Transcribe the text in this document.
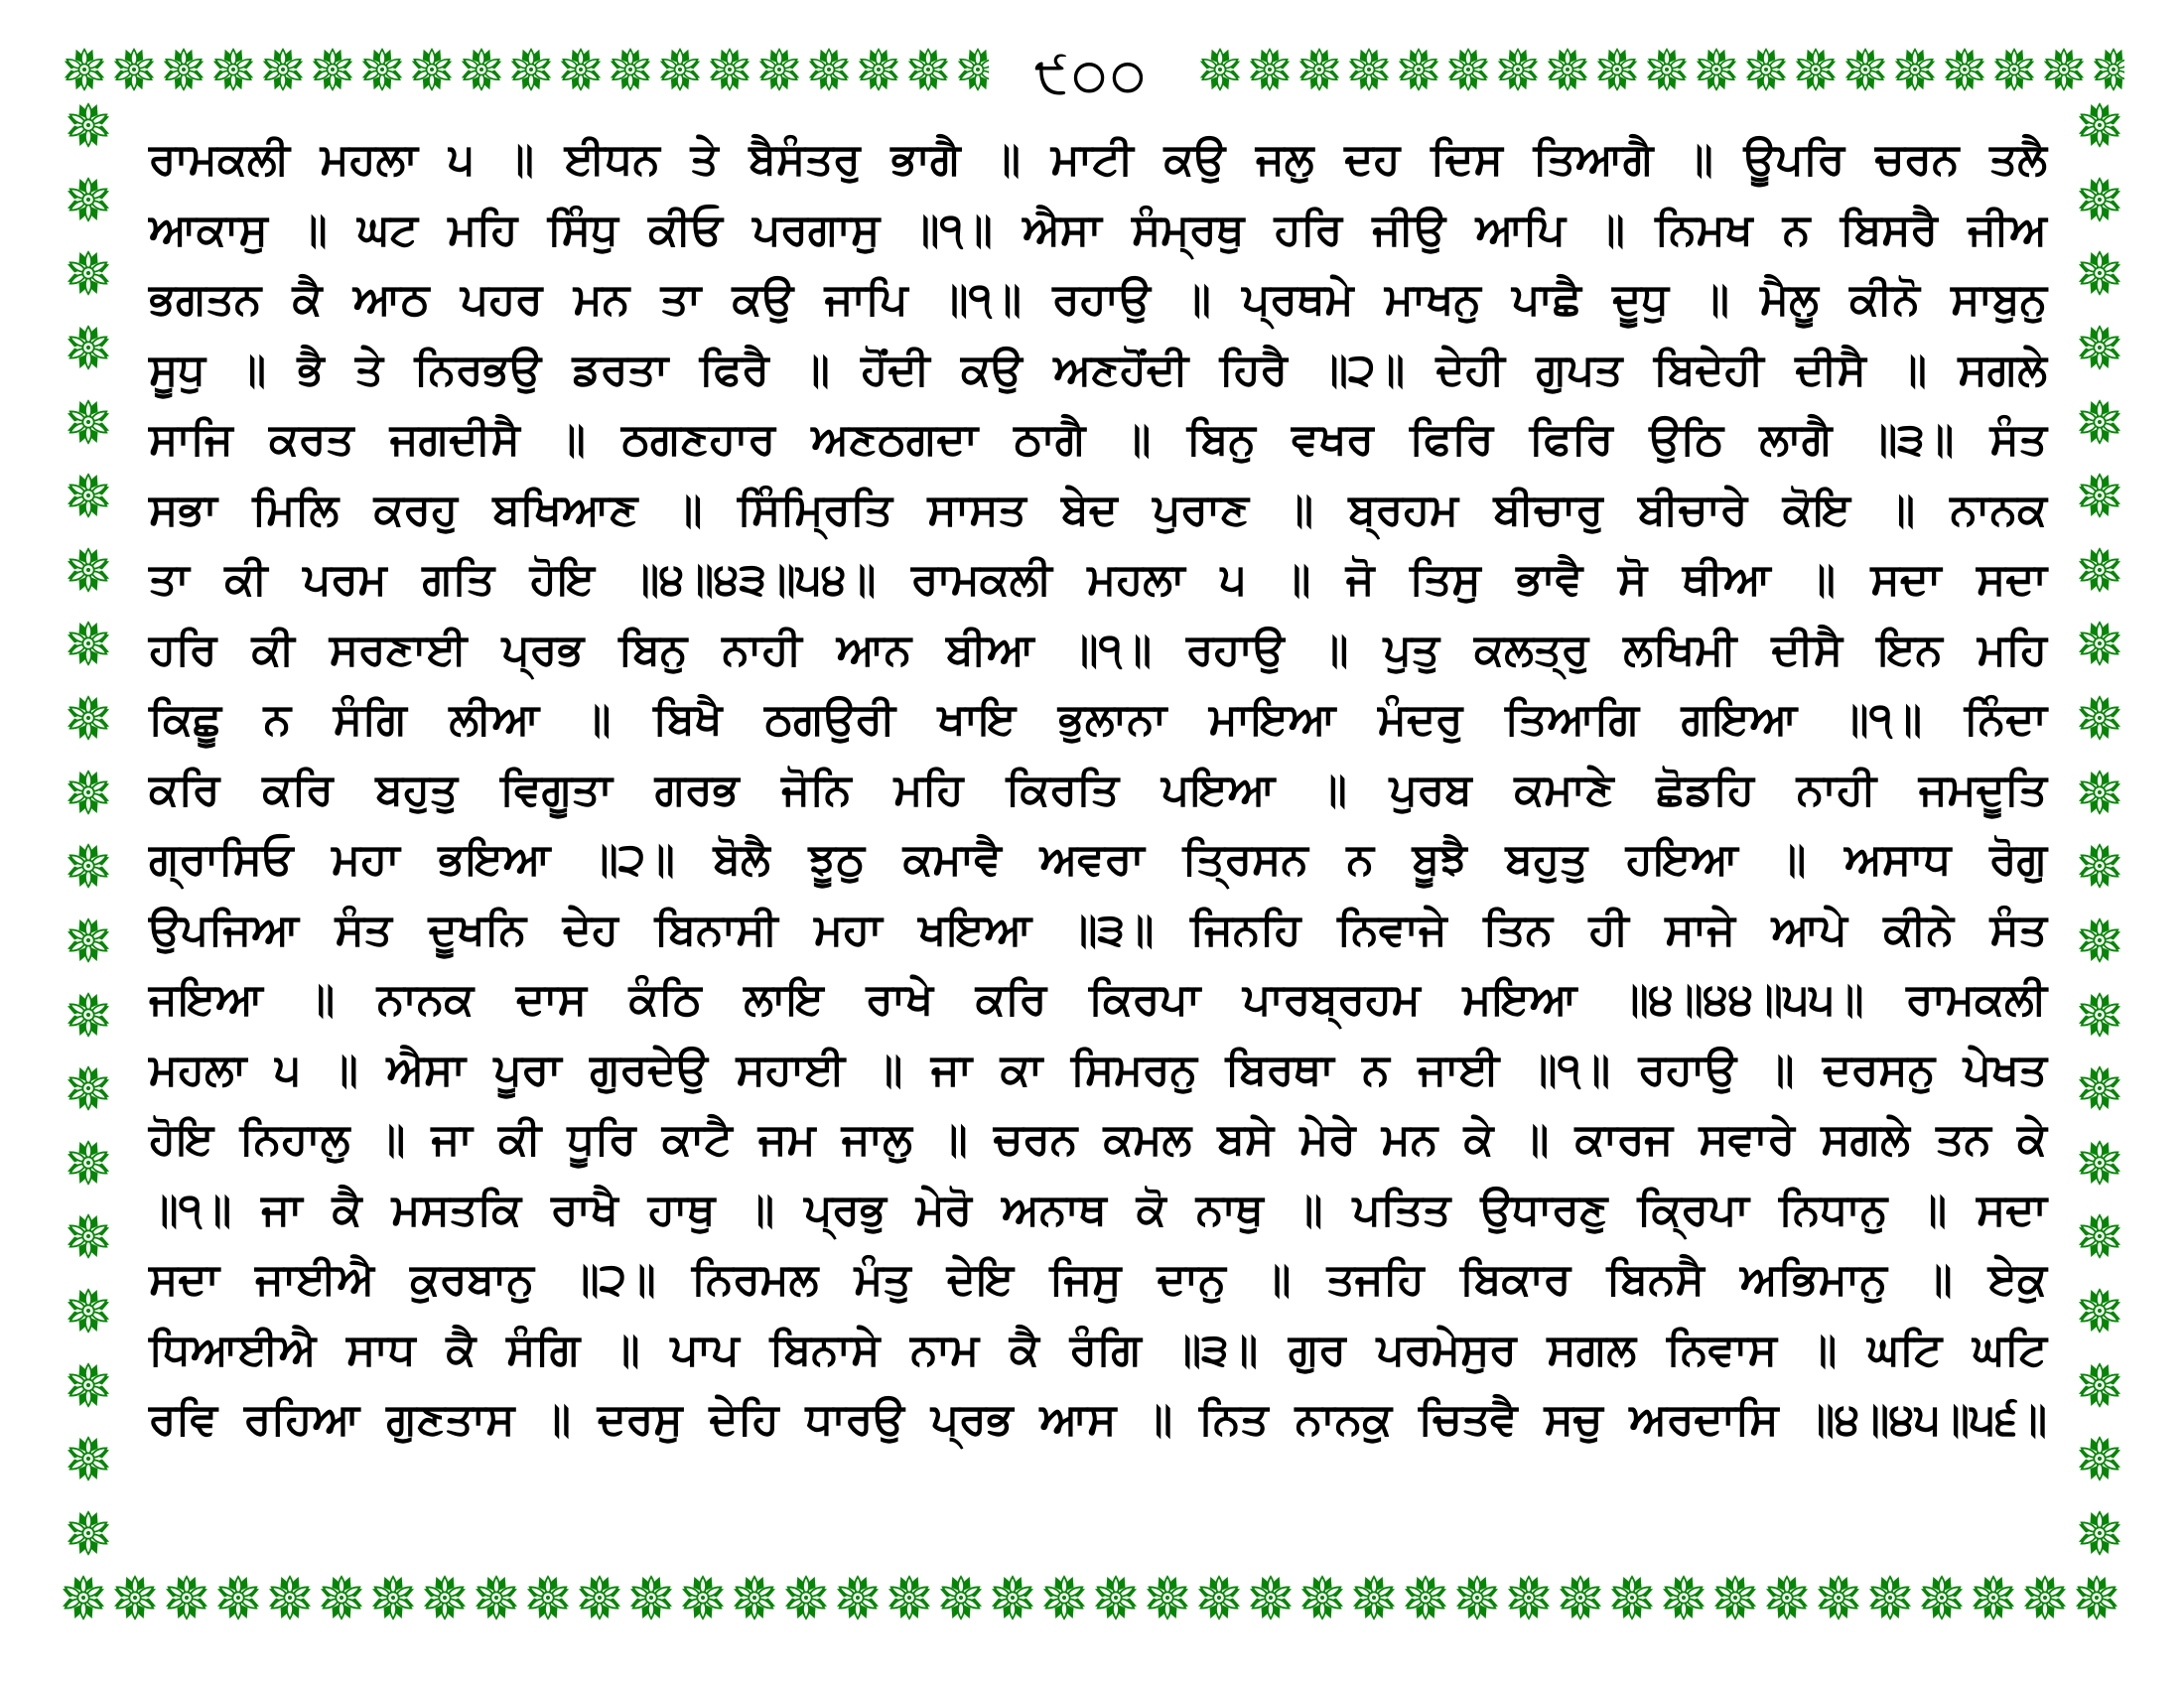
੯੦੦
ਰਾਮਕਲੀ ਮਹਲਾ ੫ ॥ ਈਧਨ ਤੇ ਬੈਸੰਤਰੁ ਭਾਗੈ ॥ ਮਾਟੀ ਕਉ ਜਲੁ ਦਹ ਦਿਸ ਤਿਆਗੈ ॥ ਊਪਰਿ ਚਰਨ ਤਲੈ
ਆਕਾਸੁ ॥ ਘਟ ਮਹਿ ਸਿੰਧੁ ਕੀਓ ਪਰਗਾਸੁ ॥੧॥ ਐਸਾ ਸੰਮ੍ਰਥੁ ਹਰਿ ਜੀਉ ਆਪਿ ॥ ਨਿਮਖ ਨ ਬਿਸਰੈ ਜੀਅ
ਭਗਤਨ ਕੈ ਆਠ ਪਹਰ ਮਨ ਤਾ ਕਉ ਜਾਪਿ ॥੧॥ ਰਹਾਉ ॥ ਪ੍ਰਥਮੇ ਮਾਖਨੁ ਪਾਛੈ ਦੂਧੁ ॥ ਮੈਲੂ ਕੀਨੋ ਸਾਬੁਨੁ
ਸੂਧੁ ॥ ਭੈ ਤੇ ਨਿਰਭਉ ਡਰਤਾ ਫਿਰੈ ॥ ਹੋਂਦੀ ਕਉ ਅਣਹੋਂਦੀ ਹਿਰੈ ॥੨॥ ਦੇਹੀ ਗੁਪਤ ਬਿਦੇਹੀ ਦੀਸੈ ॥ ਸਗਲੇ
ਸਾਜਿ ਕਰਤ ਜਗਦੀਸੈ ॥ ਠਗਣਹਾਰ ਅਣਠਗਦਾ ਠਾਗੈ ॥ ਬਿਨੁ ਵਖਰ ਫਿਰਿ ਫਿਰਿ ਉਠਿ ਲਾਗੈ ॥੩॥ ਸੰਤ
ਸਭਾ ਮਿਲਿ ਕਰਹੁ ਬਖਿਆਣ ॥ ਸਿੰਮ੍ਰਿਤਿ ਸਾਸਤ ਬੇਦ ਪੁਰਾਣ ॥ ਬ੍ਰਹਮ ਬੀਚਾਰੁ ਬੀਚਾਰੇ ਕੋਇ ॥ ਨਾਨਕ
ਤਾ ਕੀ ਪਰਮ ਗਤਿ ਹੋਇ ॥੪॥੪੩॥੫੪॥ ਰਾਮਕਲੀ ਮਹਲਾ ੫ ॥ ਜੋ ਤਿਸੁ ਭਾਵੈ ਸੋ ਥੀਆ ॥ ਸਦਾ ਸਦਾ
ਹਰਿ ਕੀ ਸਰਣਾਈ ਪ੍ਰਭ ਬਿਨੁ ਨਾਹੀ ਆਨ ਬੀਆ ॥੧॥ ਰਹਾਉ ॥ ਪੁਤੁ ਕਲਤ੍ਰੁ ਲਖਿਮੀ ਦੀਸੈ ਇਨ ਮਹਿ
ਕਿਛੂ ਨ ਸੰਗਿ ਲੀਆ ॥ ਬਿਖੈ ਠਗਉਰੀ ਖਾਇ ਭੁਲਾਨਾ ਮਾਇਆ ਮੰਦਰੁ ਤਿਆਗਿ ਗਇਆ ॥੧॥ ਨਿੰਦਾ
ਕਰਿ ਕਰਿ ਬਹੁਤੁ ਵਿਗੂਤਾ ਗਰਭ ਜੋਨਿ ਮਹਿ ਕਿਰਤਿ ਪਇਆ ॥ ਪੁਰਬ ਕਮਾਣੇ ਛੋਡਹਿ ਨਾਹੀ ਜਮਦੂਤਿ
ਗ੍ਰਾਸਿਓ ਮਹਾ ਭਇਆ ॥੨॥ ਬੋਲੈ ਝੂਠੁ ਕਮਾਵੈ ਅਵਰਾ ਤ੍ਰਿਸਨ ਨ ਬੂਝੈ ਬਹੁਤੁ ਹਇਆ ॥ ਅਸਾਧ ਰੋਗੁ
ਉਪਜਿਆ ਸੰਤ ਦੂਖਨਿ ਦੇਹ ਬਿਨਾਸੀ ਮਹਾ ਖਇਆ ॥੩॥ ਜਿਨਹਿ ਨਿਵਾਜੇ ਤਿਨ ਹੀ ਸਾਜੇ ਆਪੇ ਕੀਨੇ ਸੰਤ
ਜਇਆ ॥ ਨਾਨਕ ਦਾਸ ਕੰਠਿ ਲਾਇ ਰਾਖੇ ਕਰਿ ਕਿਰਪਾ ਪਾਰਬ੍ਰਹਮ ਮਇਆ ॥੪॥੪੪॥੫੫॥ ਰਾਮਕਲੀ
ਮਹਲਾ ੫ ॥ ਐਸਾ ਪੂਰਾ ਗੁਰਦੇਉ ਸਹਾਈ ॥ ਜਾ ਕਾ ਸਿਮਰਨੁ ਬਿਰਥਾ ਨ ਜਾਈ ॥੧॥ ਰਹਾਉ ॥ ਦਰਸਨੁ ਪੇਖਤ
ਹੋਇ ਨਿਹਾਲੁ ॥ ਜਾ ਕੀ ਧੂਰਿ ਕਾਟੈ ਜਮ ਜਾਲੁ ॥ ਚਰਨ ਕਮਲ ਬਸੇ ਮੇਰੇ ਮਨ ਕੇ ॥ ਕਾਰਜ ਸਵਾਰੇ ਸਗਲੇ ਤਨ ਕੇ
॥੧॥ ਜਾ ਕੈ ਮਸਤਕਿ ਰਾਖੈ ਹਾਥੁ ॥ ਪ੍ਰਭੁ ਮੇਰੋ ਅਨਾਥ ਕੋ ਨਾਥੁ ॥ ਪਤਿਤ ਉਧਾਰਣੁ ਕ੍ਰਿਪਾ ਨਿਧਾਨੁ ॥ ਸਦਾ
ਸਦਾ ਜਾਈਐ ਕੁਰਬਾਨੁ ॥੨॥ ਨਿਰਮਲ ਮੰਤੁ ਦੇਇ ਜਿਸੁ ਦਾਨੁ ॥ ਤਜਹਿ ਬਿਕਾਰ ਬਿਨਸੈ ਅਭਿਮਾਨੁ ॥ ਏਕੁ
ਧਿਆਈਐ ਸਾਧ ਕੈ ਸੰਗਿ ॥ ਪਾਪ ਬਿਨਾਸੇ ਨਾਮ ਕੈ ਰੰਗਿ ॥੩॥ ਗੁਰ ਪਰਮੇਸੁਰ ਸਗਲ ਨਿਵਾਸ ॥ ਘਟਿ ਘਟਿ
ਰਵਿ ਰਹਿਆ ਗੁਣਤਾਸ ॥ ਦਰਸੁ ਦੇਹਿ ਧਾਰਉ ਪ੍ਰਭ ਆਸ ॥ ਨਿਤ ਨਾਨਕੁ ਚਿਤਵੈ ਸਚੁ ਅਰਦਾਸਿ ॥੪॥੪੫॥੫੬॥
